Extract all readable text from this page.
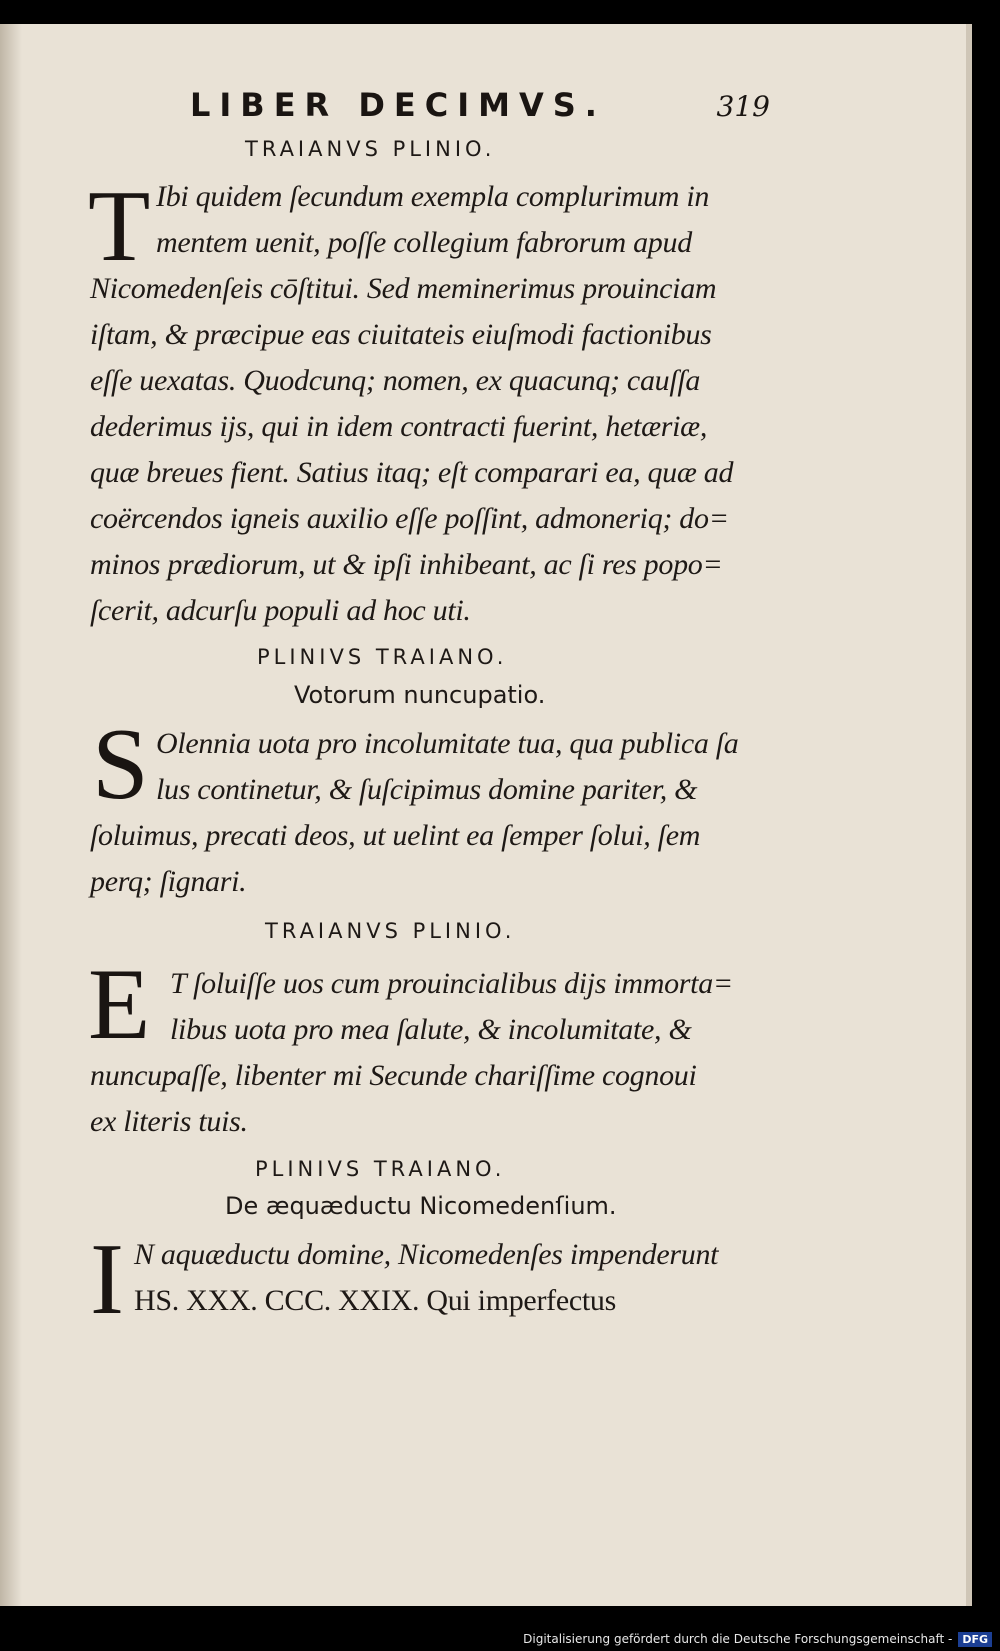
LIBER DECIMVS.	319
TRAIANVS PLINIO.
T Ibi quidem ſecundum exempla complurimum in
mentem uenit, poſſe collegium fabrorum apud
Nicomedenſeis cōſtitui. Sed meminerimus prouinciam
iſtam, & præcipue eas ciuitateis eiuſmodi factionibus
eſſe uexatas. Quodcunq; nomen, ex quacunq; cauſſa
dederimus ijs, qui in idem contracti fuerint, hetæriæ,
quæ breues fient. Satius itaq; eſt comparari ea, quæ ad
coërcendos igneis auxilio eſſe poſſint, admoneriq; do=
minos prædiorum, ut & ipſi inhibeant, ac ſi res popo=
ſcerit, adcurſu populi ad hoc uti.
PLINIVS TRAIANO.
Votorum nuncupatio.
S Olennia uota pro incolumitate tua, qua publica ſa
lus continetur, & ſuſcipimus domine pariter, &
ſoluimus, precati deos, ut uelint ea ſemper ſolui, ſem
perq; ſignari.
TRAIANVS PLINIO.
E T ſoluiſſe uos cum prouincialibus dijs immorta=
libus uota pro mea ſalute, & incolumitate, &
nuncupaſſe, libenter mi Secunde chariſſime cognoui
ex literis tuis.
PLINIVS TRAIANO.
De æquæductu Nicomedenſium.
I N aquæductu domine, Nicomedenſes impenderunt
HS. XXX. CCC. XXIX. Qui imperfectus
Digitalisierung gefördert durch die Deutsche Forschungsgemeinschaft - DFG
